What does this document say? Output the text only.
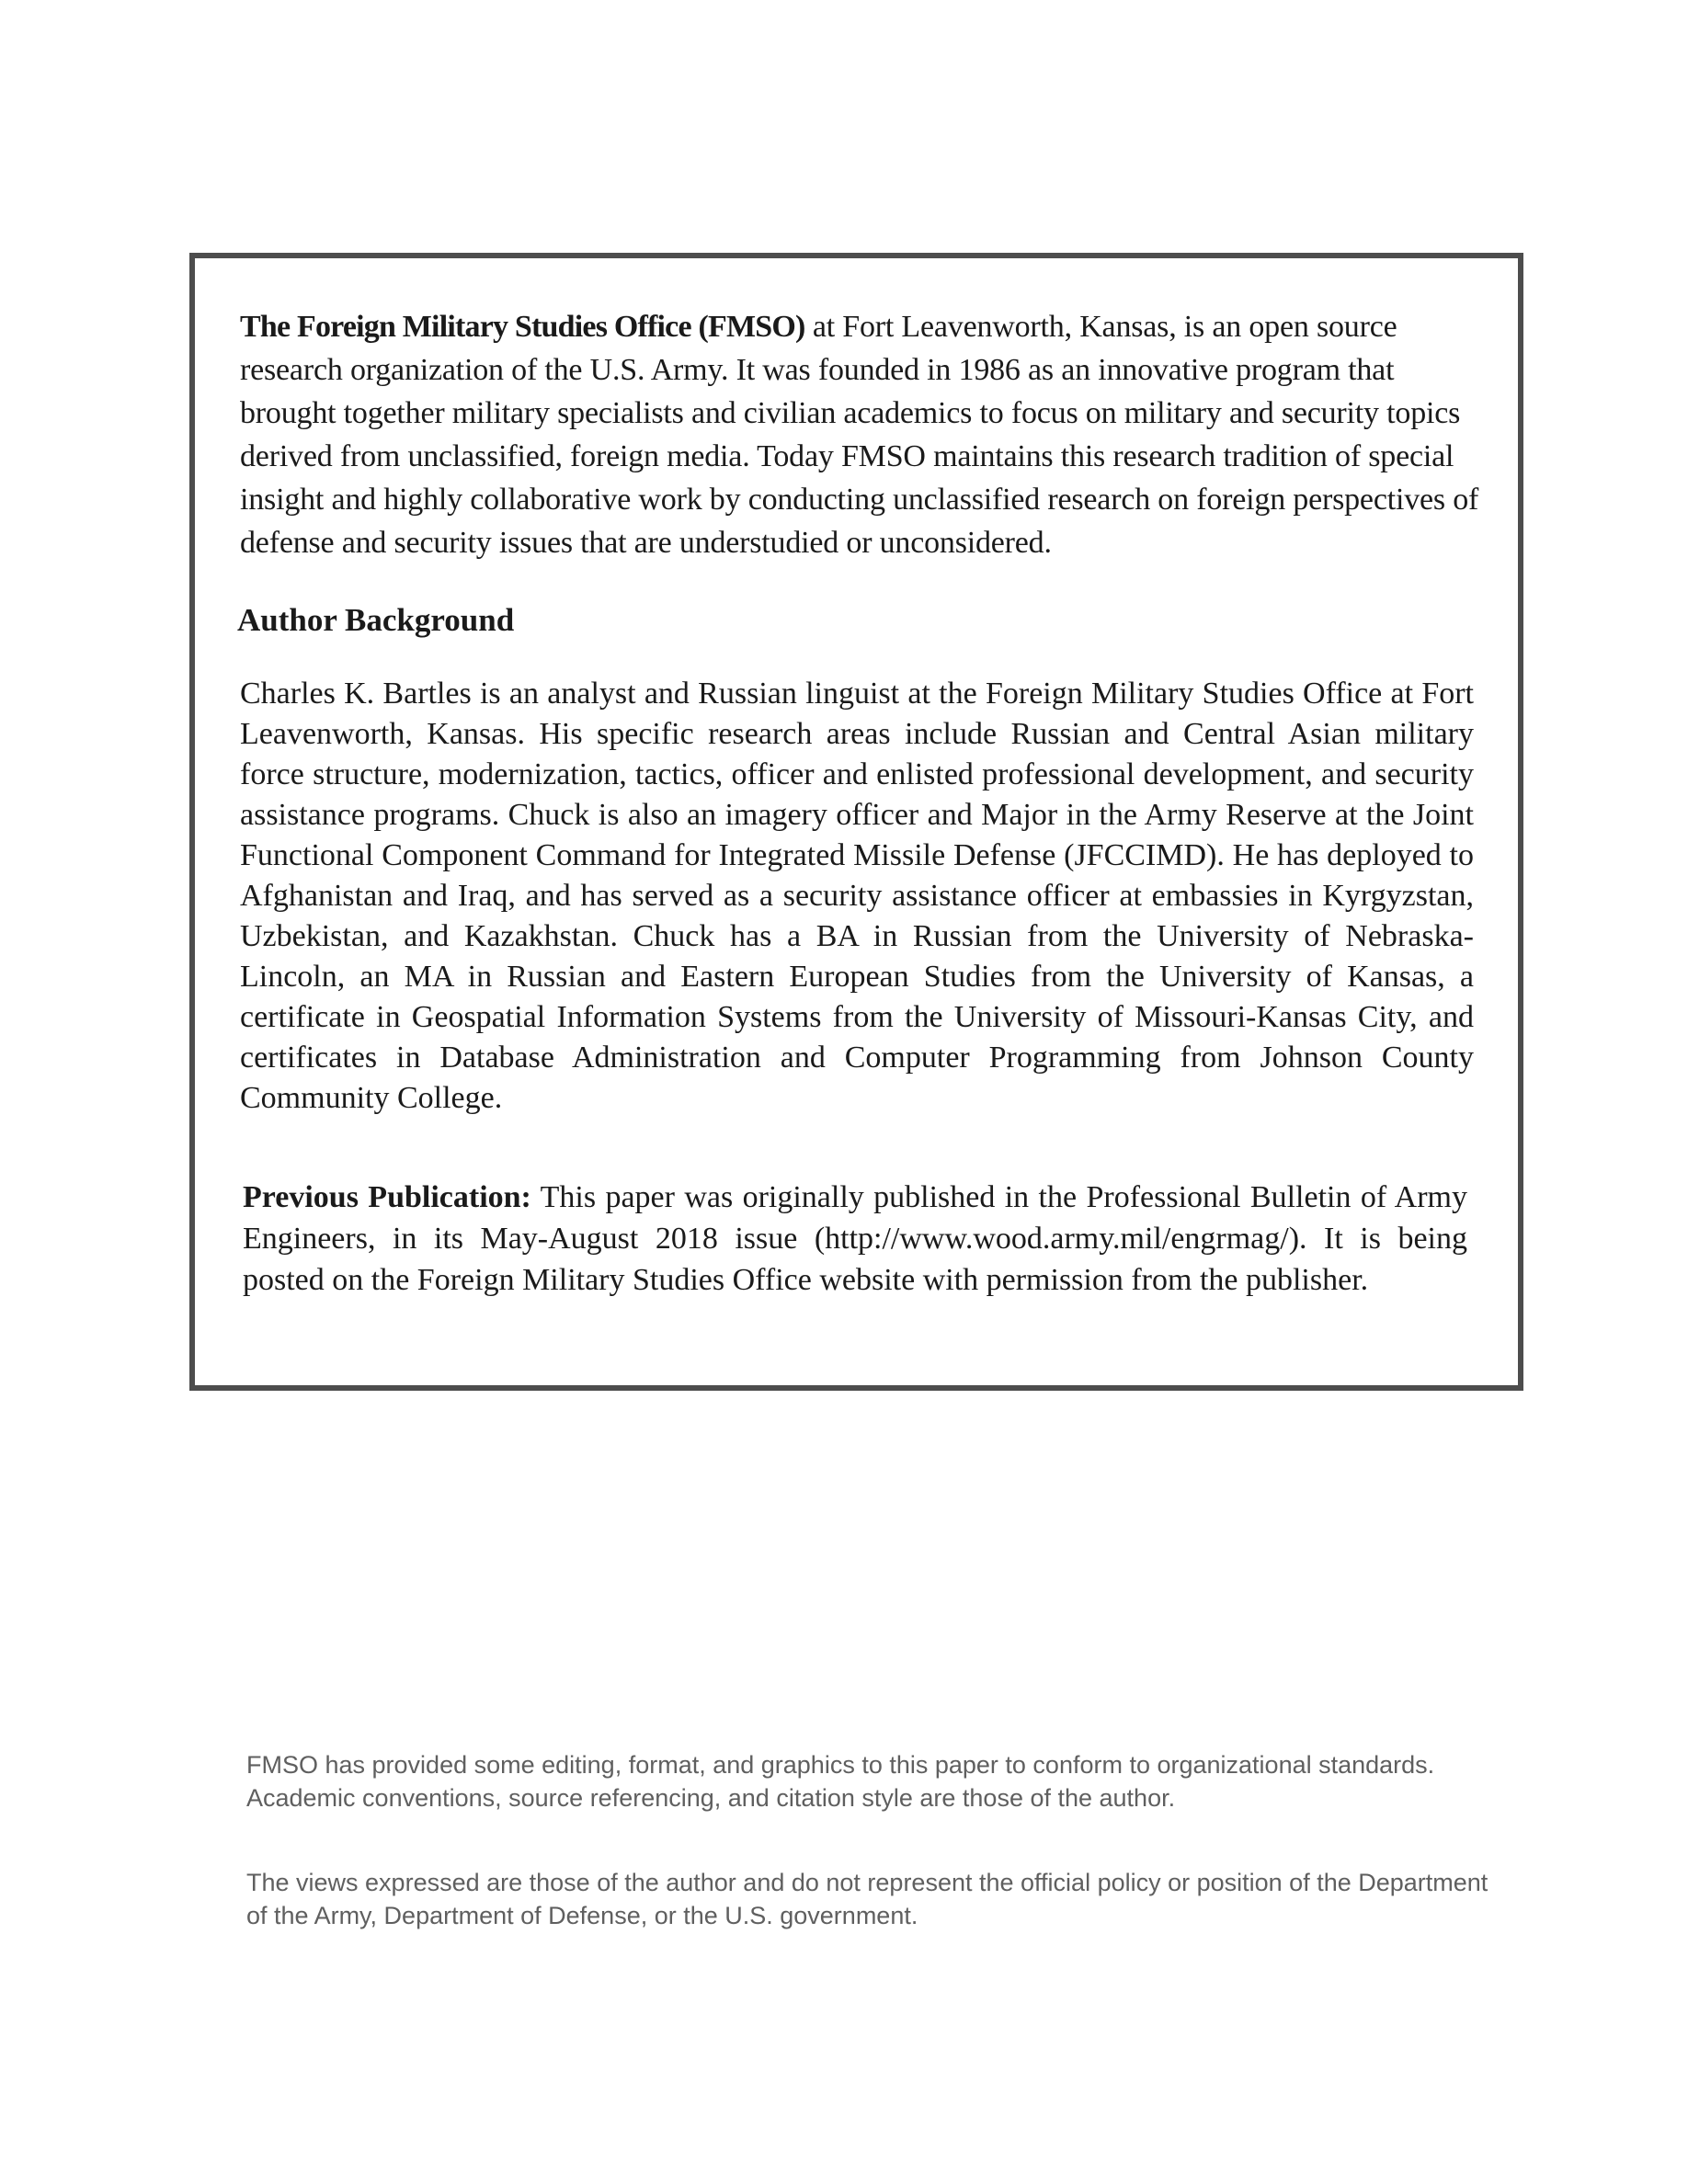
The Foreign Military Studies Office (FMSO) at Fort Leavenworth, Kansas, is an open source research organization of the U.S. Army. It was founded in 1986 as an innovative program that brought together military specialists and civilian academics to focus on military and security topics derived from unclassified, foreign media. Today FMSO maintains this research tradition of special insight and highly collaborative work by conducting unclassified research on foreign perspectives of defense and security issues that are understudied or unconsidered.

Author Background

Charles K. Bartles is an analyst and Russian linguist at the Foreign Military Studies Office at Fort Leavenworth, Kansas. His specific research areas include Russian and Central Asian military force structure, modernization, tactics, officer and enlisted professional development, and security assistance programs. Chuck is also an imagery officer and Major in the Army Reserve at the Joint Functional Component Command for Integrated Missile Defense (JFCCIMD). He has deployed to Afghanistan and Iraq, and has served as a security assistance officer at embassies in Kyrgyzstan, Uzbekistan, and Kazakhstan. Chuck has a BA in Russian from the University of Nebraska-Lincoln, an MA in Russian and Eastern European Studies from the University of Kansas, a certificate in Geospatial Information Systems from the University of Missouri-Kansas City, and certificates in Database Administration and Computer Programming from Johnson County Community College.

Previous Publication: This paper was originally published in the Professional Bulletin of Army Engineers, in its May-August 2018 issue (http://www.wood.army.mil/engrmag/). It is being posted on the Foreign Military Studies Office website with permission from the publisher.

FMSO has provided some editing, format, and graphics to this paper to conform to organizational standards. Academic conventions, source referencing, and citation style are those of the author.

The views expressed are those of the author and do not represent the official policy or position of the Department of the Army, Department of Defense, or the U.S. government.
